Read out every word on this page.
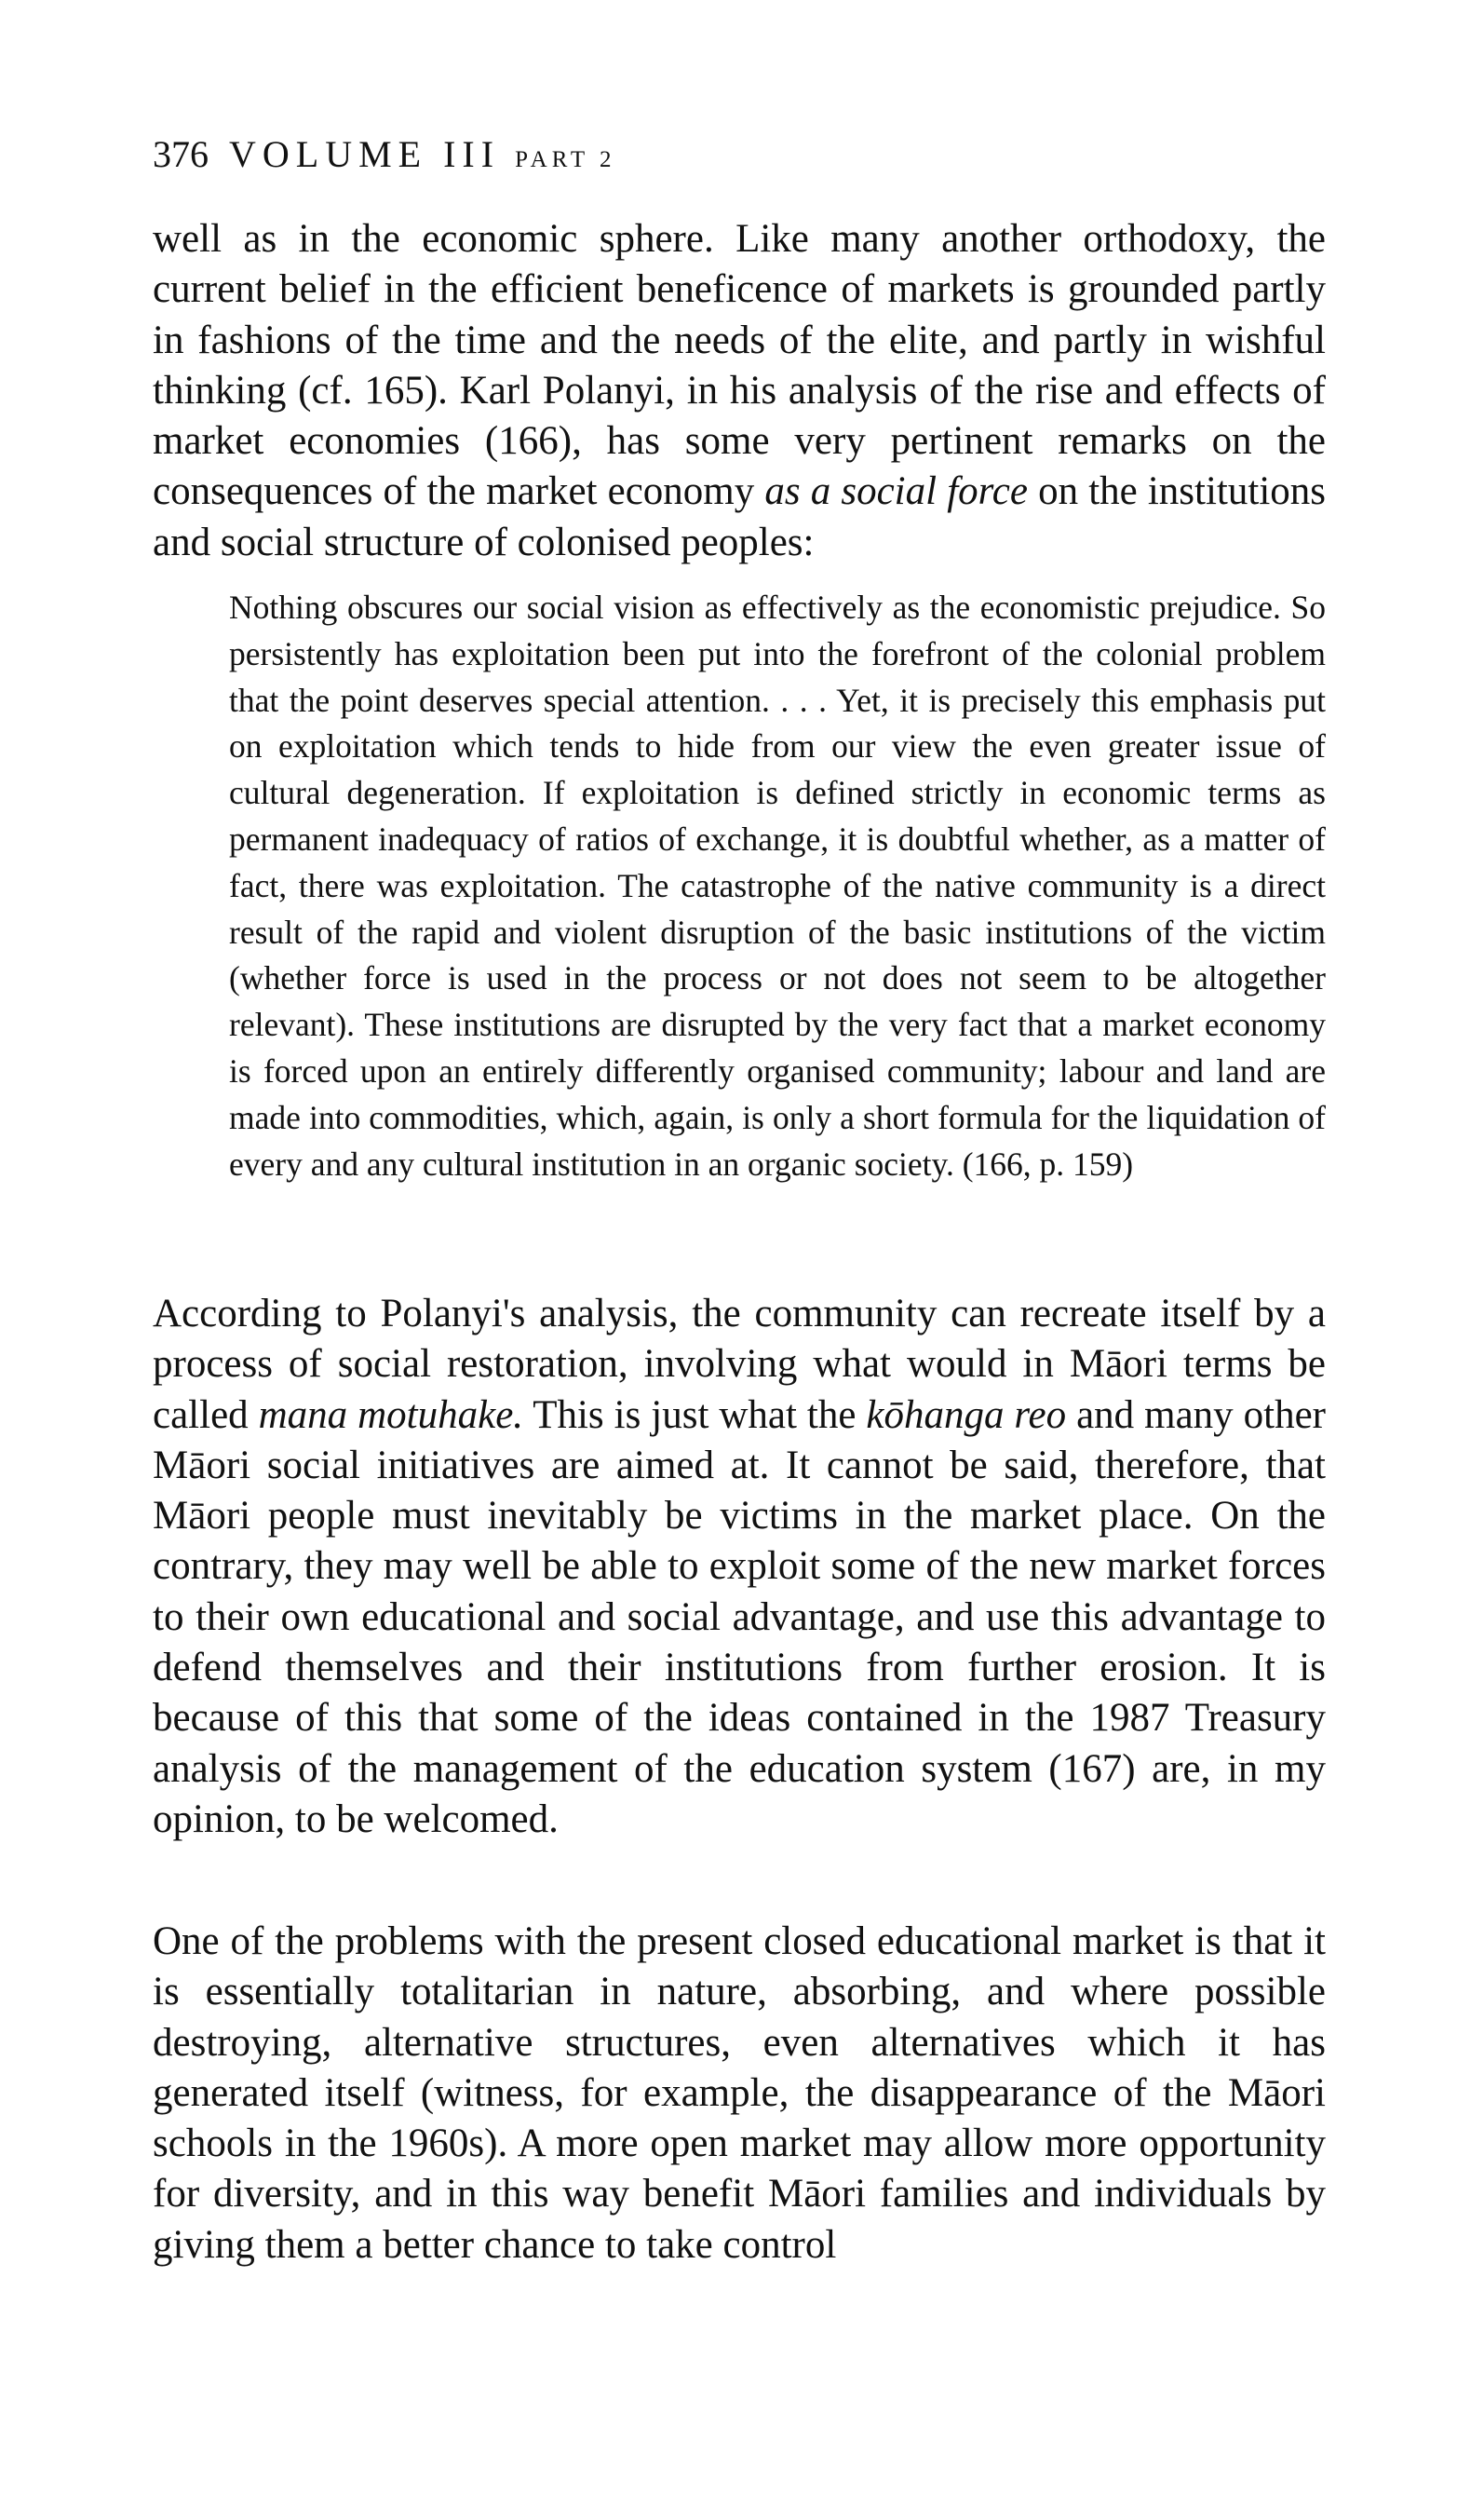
376 VOLUME III PART 2

well as in the economic sphere. Like many another orthodoxy, the current belief in the efficient beneficence of markets is grounded partly in fashions of the time and the needs of the elite, and partly in wishful thinking (cf. 165). Karl Polanyi, in his analysis of the rise and effects of market economies (166), has some very pertinent remarks on the consequences of the market economy as a social force on the institutions and social structure of colonised peoples:

Nothing obscures our social vision as effectively as the economistic prejudice. So persistently has exploitation been put into the forefront of the colonial problem that the point deserves special attention. . . . Yet, it is precisely this emphasis put on exploitation which tends to hide from our view the even greater issue of cultural degeneration. If exploitation is defined strictly in economic terms as permanent inadequacy of ratios of exchange, it is doubtful whether, as a matter of fact, there was exploitation. The catastrophe of the native community is a direct result of the rapid and violent disruption of the basic institutions of the victim (whether force is used in the process or not does not seem to be altogether relevant). These institutions are disrupted by the very fact that a market economy is forced upon an entirely differently organised community; labour and land are made into commodities, which, again, is only a short formula for the liquidation of every and any cultural institution in an organic society. (166, p. 159)

According to Polanyi's analysis, the community can recreate itself by a process of social restoration, involving what would in Māori terms be called mana motuhake. This is just what the kōhanga reo and many other Māori social initiatives are aimed at. It cannot be said, therefore, that Māori people must inevitably be victims in the market place. On the contrary, they may well be able to exploit some of the new market forces to their own educational and social advantage, and use this advantage to defend themselves and their institutions from further erosion. It is because of this that some of the ideas contained in the 1987 Treasury analysis of the management of the education system (167) are, in my opinion, to be welcomed.

One of the problems with the present closed educational market is that it is essentially totalitarian in nature, absorbing, and where possible destroying, alternative structures, even alternatives which it has generated itself (witness, for example, the disappearance of the Māori schools in the 1960s). A more open market may allow more opportunity for diversity, and in this way benefit Māori families and individuals by giving them a better chance to take control
